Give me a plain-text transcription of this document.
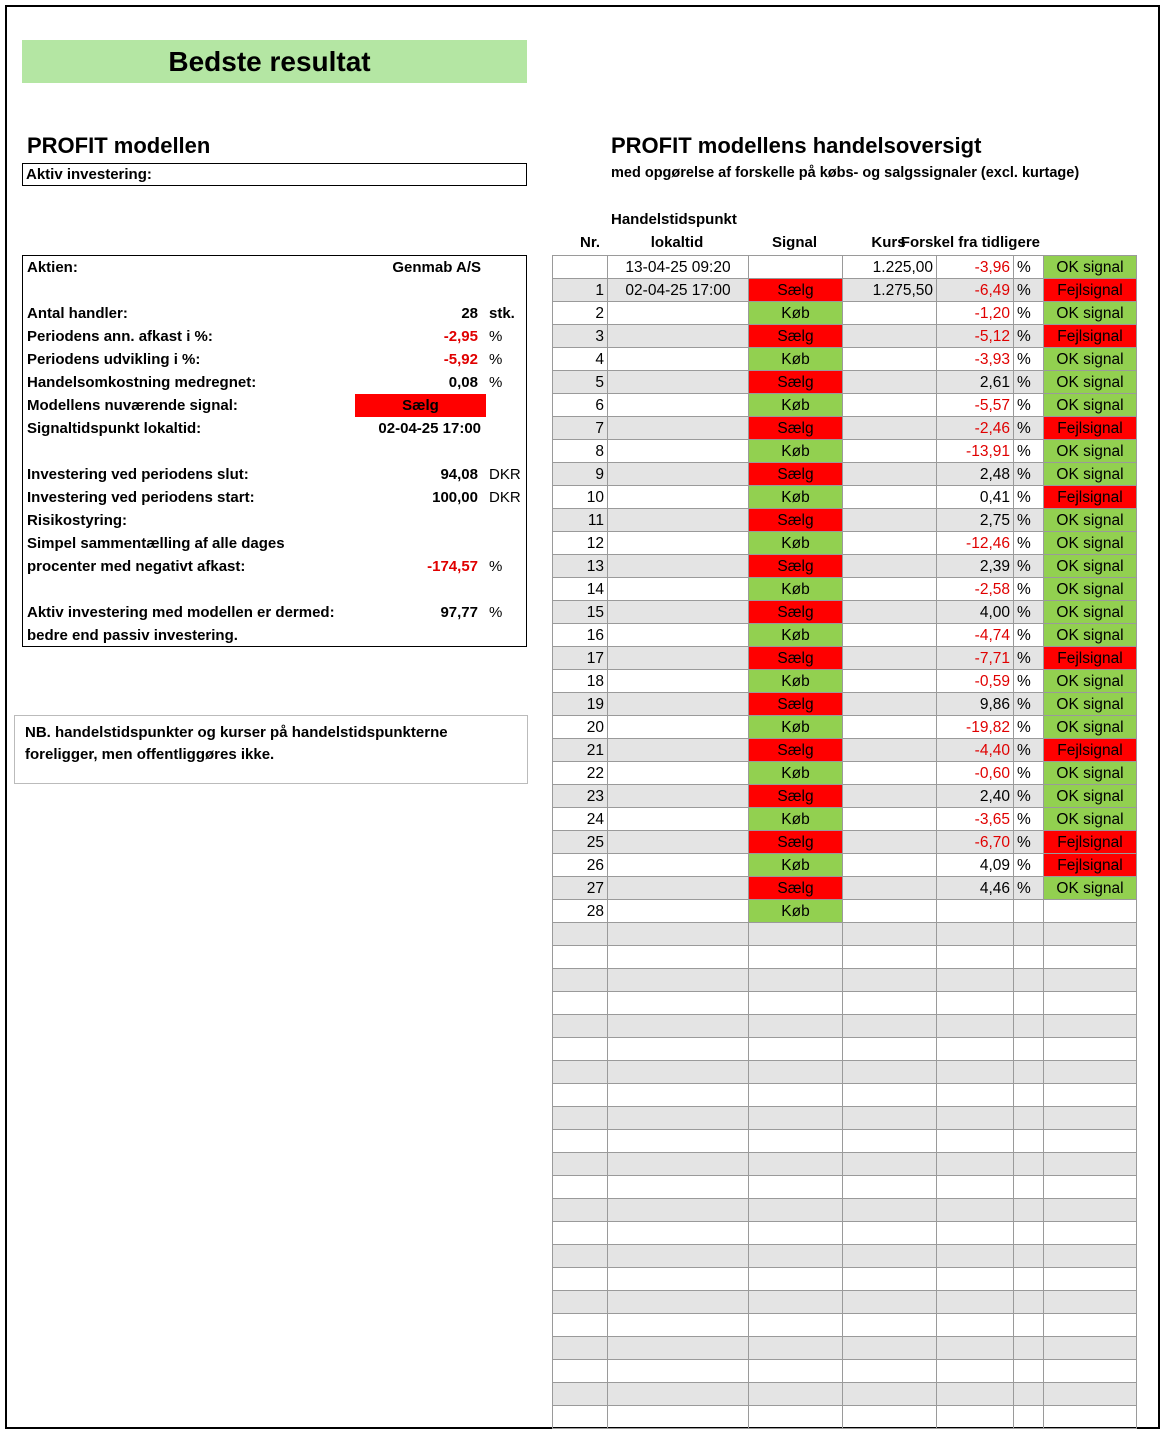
Bedste resultat
PROFIT modellen
Aktiv investering:
PROFIT modellens handelsoversigt
med opgørelse af forskelle på købs- og salgssignaler (excl. kurtage)
Aktien:	Genmab A/S
Antal handler:	28 stk.
Periodens ann. afkast i %:	-2,95 %
Periodens udvikling i %:	-5,92 %
Handelsomkostning medregnet:	0,08 %
Modellens nuværende signal:	Sælg
Signaltidspunkt lokaltid:	02-04-25 17:00
Investering ved periodens slut:	94,08 DKR
Investering ved periodens start:	100,00 DKR
Risikostyring:
Simpel sammentælling af alle dages
procenter med negativt afkast:	-174,57 %
Aktiv investering med modellen er dermed:	97,77 %
bedre end passiv investering.
NB. handelstidspunkter og kurser på handelstidspunkterne
foreligger, men offentliggøres ikke.
Handelstidspunkt
Nr.	lokaltid	Signal	Kurs
Forskel fra tidligere
	13-04-25 09:20		1.225,00	-3,96	%	OK signal
1	02-04-25 17:00	Sælg	1.275,50	-6,49	%	Fejlsignal
2		Køb		-1,20	%	OK signal
3		Sælg		-5,12	%	Fejlsignal
4		Køb		-3,93	%	OK signal
5		Sælg		2,61	%	OK signal
6		Køb		-5,57	%	OK signal
7		Sælg		-2,46	%	Fejlsignal
8		Køb		-13,91	%	OK signal
9		Sælg		2,48	%	OK signal
10		Køb		0,41	%	Fejlsignal
11		Sælg		2,75	%	OK signal
12		Køb		-12,46	%	OK signal
13		Sælg		2,39	%	OK signal
14		Køb		-2,58	%	OK signal
15		Sælg		4,00	%	OK signal
16		Køb		-4,74	%	OK signal
17		Sælg		-7,71	%	Fejlsignal
18		Køb		-0,59	%	OK signal
19		Sælg		9,86	%	OK signal
20		Køb		-19,82	%	OK signal
21		Sælg		-4,40	%	Fejlsignal
22		Køb		-0,60	%	OK signal
23		Sælg		2,40	%	OK signal
24		Køb		-3,65	%	OK signal
25		Sælg		-6,70	%	Fejlsignal
26		Køb		4,09	%	Fejlsignal
27		Sælg		4,46	%	OK signal
28		Køb				
